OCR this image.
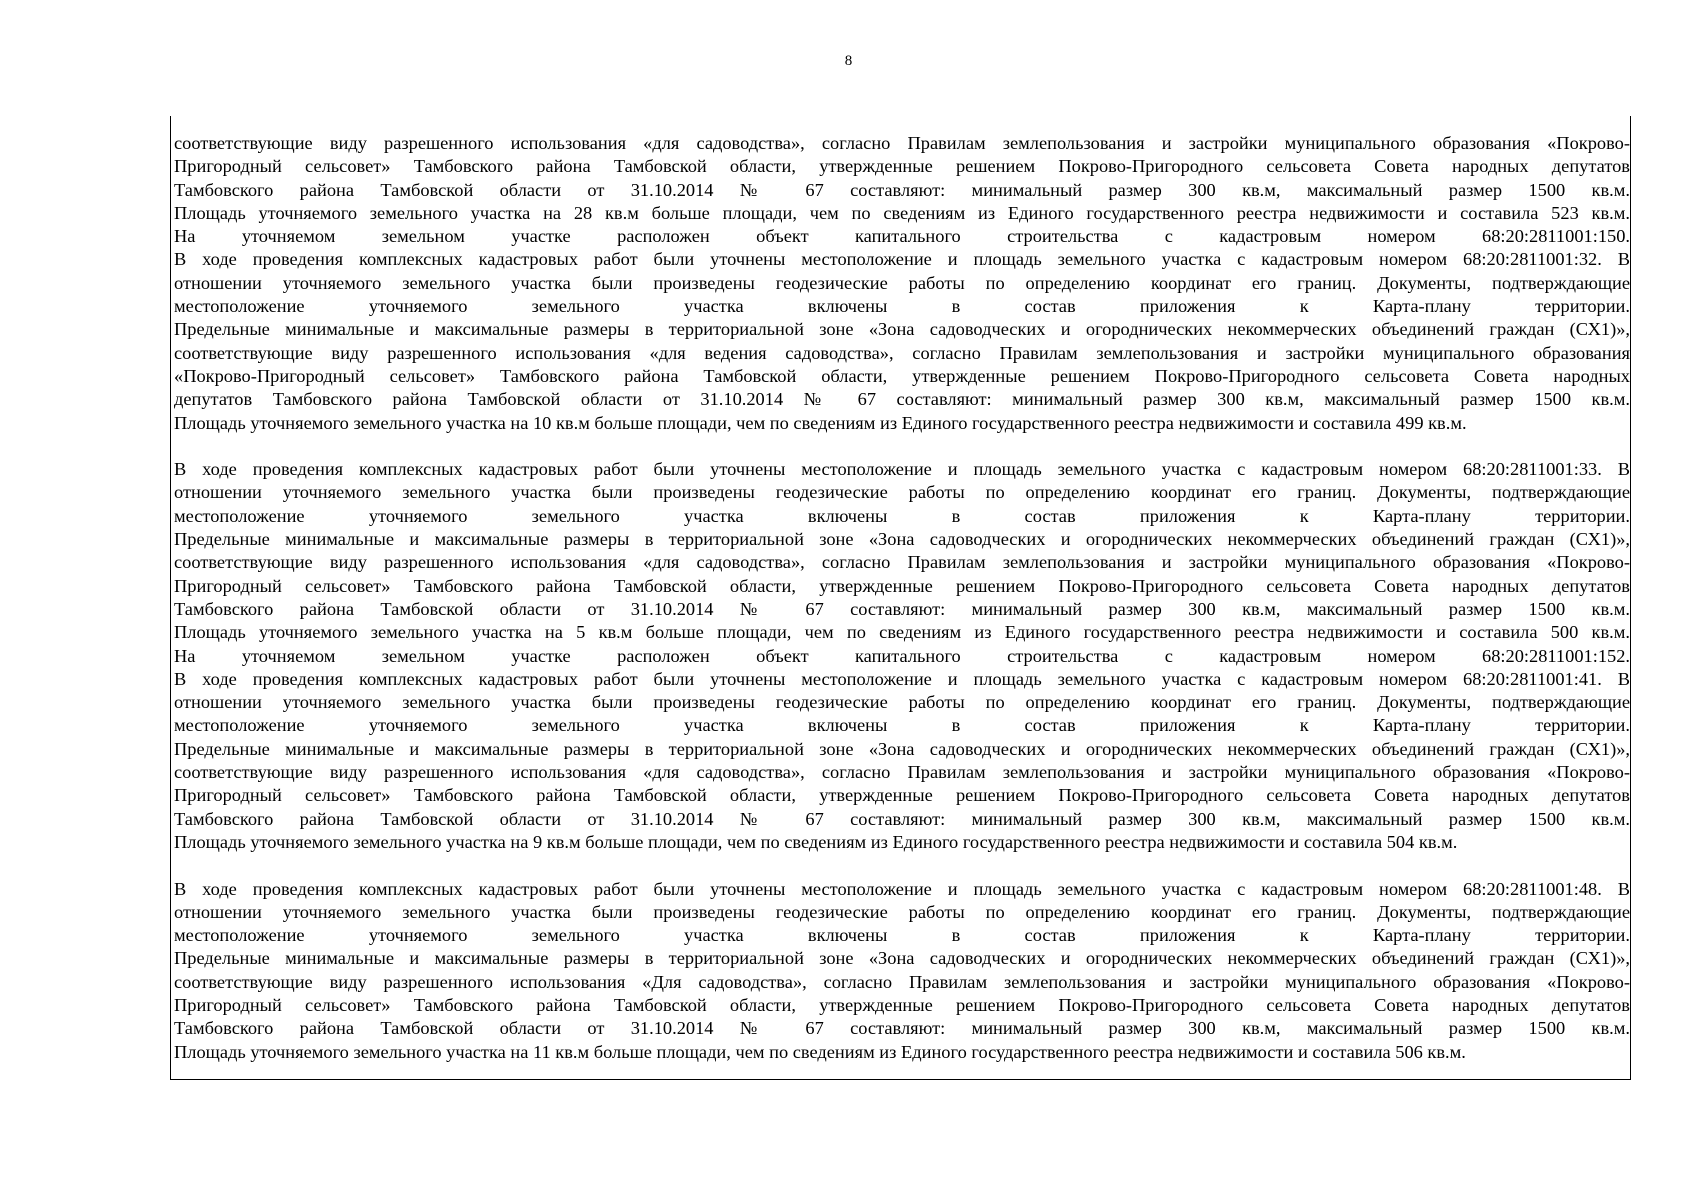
8
соответствующие виду разрешенного использования «для садоводства», согласно Правилам землепользования и застройки муниципального образования «Покрово-
Пригородный сельсовет» Тамбовского района Тамбовской области, утвержденные решением Покрово-Пригородного сельсовета Совета народных депутатов
Тамбовского района Тамбовской области от 31.10.2014 № 67 составляют: минимальный размер 300 кв.м, максимальный размер 1500 кв.м.
Площадь уточняемого земельного участка на 28 кв.м больше площади, чем по сведениям из Единого государственного реестра недвижимости и составила 523 кв.м.
На уточняемом земельном участке расположен объект капитального строительства с кадастровым номером 68:20:2811001:150.
В ходе проведения комплексных кадастровых работ были уточнены местоположение и площадь земельного участка с кадастровым номером 68:20:2811001:32. В
отношении уточняемого земельного участка были произведены геодезические работы по определению координат его границ. Документы, подтверждающие
местоположение уточняемого земельного участка включены в состав приложения к Карта-плану территории.
Предельные минимальные и максимальные размеры в территориальной зоне «Зона садоводческих и огороднических некоммерческих объединений граждан (СХ1)»,
соответствующие виду разрешенного использования «для ведения садоводства», согласно Правилам землепользования и застройки муниципального образования
«Покрово-Пригородный сельсовет» Тамбовского района Тамбовской области, утвержденные решением Покрово-Пригородного сельсовета Совета народных
депутатов Тамбовского района Тамбовской области от 31.10.2014 № 67 составляют: минимальный размер 300 кв.м, максимальный размер 1500 кв.м.
Площадь уточняемого земельного участка на 10 кв.м больше площади, чем по сведениям из Единого государственного реестра недвижимости и составила 499 кв.м.
В ходе проведения комплексных кадастровых работ были уточнены местоположение и площадь земельного участка с кадастровым номером 68:20:2811001:33. В
отношении уточняемого земельного участка были произведены геодезические работы по определению координат его границ. Документы, подтверждающие
местоположение уточняемого земельного участка включены в состав приложения к Карта-плану территории.
Предельные минимальные и максимальные размеры в территориальной зоне «Зона садоводческих и огороднических некоммерческих объединений граждан (СХ1)»,
соответствующие виду разрешенного использования «для садоводства», согласно Правилам землепользования и застройки муниципального образования «Покрово-
Пригородный сельсовет» Тамбовского района Тамбовской области, утвержденные решением Покрово-Пригородного сельсовета Совета народных депутатов
Тамбовского района Тамбовской области от 31.10.2014 № 67 составляют: минимальный размер 300 кв.м, максимальный размер 1500 кв.м.
Площадь уточняемого земельного участка на 5 кв.м больше площади, чем по сведениям из Единого государственного реестра недвижимости и составила 500 кв.м.
На уточняемом земельном участке расположен объект капитального строительства с кадастровым номером 68:20:2811001:152.
В ходе проведения комплексных кадастровых работ были уточнены местоположение и площадь земельного участка с кадастровым номером 68:20:2811001:41. В
отношении уточняемого земельного участка были произведены геодезические работы по определению координат его границ. Документы, подтверждающие
местоположение уточняемого земельного участка включены в состав приложения к Карта-плану территории.
Предельные минимальные и максимальные размеры в территориальной зоне «Зона садоводческих и огороднических некоммерческих объединений граждан (СХ1)»,
соответствующие виду разрешенного использования «для садоводства», согласно Правилам землепользования и застройки муниципального образования «Покрово-
Пригородный сельсовет» Тамбовского района Тамбовской области, утвержденные решением Покрово-Пригородного сельсовета Совета народных депутатов
Тамбовского района Тамбовской области от 31.10.2014 № 67 составляют: минимальный размер 300 кв.м, максимальный размер 1500 кв.м.
Площадь уточняемого земельного участка на 9 кв.м больше площади, чем по сведениям из Единого государственного реестра недвижимости и составила 504 кв.м.
В ходе проведения комплексных кадастровых работ были уточнены местоположение и площадь земельного участка с кадастровым номером 68:20:2811001:48. В
отношении уточняемого земельного участка были произведены геодезические работы по определению координат его границ. Документы, подтверждающие
местоположение уточняемого земельного участка включены в состав приложения к Карта-плану территории.
Предельные минимальные и максимальные размеры в территориальной зоне «Зона садоводческих и огороднических некоммерческих объединений граждан (СХ1)»,
соответствующие виду разрешенного использования «Для садоводства», согласно Правилам землепользования и застройки муниципального образования «Покрово-
Пригородный сельсовет» Тамбовского района Тамбовской области, утвержденные решением Покрово-Пригородного сельсовета Совета народных депутатов
Тамбовского района Тамбовской области от 31.10.2014 № 67 составляют: минимальный размер 300 кв.м, максимальный размер 1500 кв.м.
Площадь уточняемого земельного участка на 11 кв.м больше площади, чем по сведениям из Единого государственного реестра недвижимости и составила 506 кв.м.
